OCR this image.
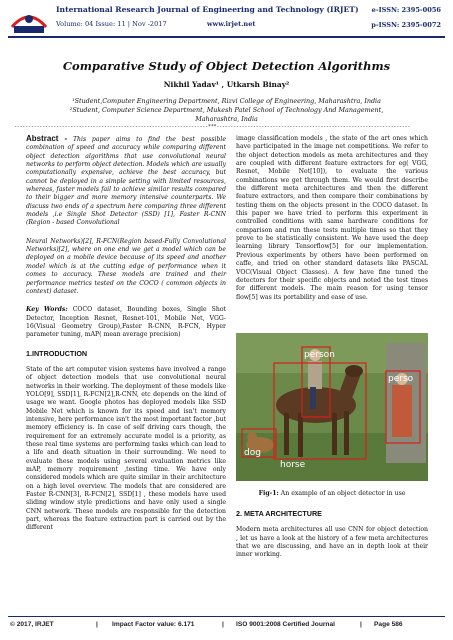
International Research Journal of Engineering and Technology (IRJET)
Volume: 04 Issue: 11 | Nov -2017	www.irjet.net
e-ISSN: 2395-0056
p-ISSN: 2395-0072
Comparative Study of Object Detection Algorithms
Nikhil Yadav¹ , Utkarsh Binay²
¹Student,Computer Engineering Department, Rizvi College of Engineering, Maharashtra, India
²Student, Computer Science Department, Mukesh Patel School of Technology And Management,
Maharashtra, India
---------------------------------------------------------------------***---------------------------------------------------------------------

Abstract - This paper aims to find the best possible combination of speed and accuracy while comparing different object detection algorithms that use convolutional neural networks to perform object detection. Models which are usually computationally expensive, achieve the best accuracy, but cannot be deployed in a simple setting with limited resources, whereas, faster models fail to achieve similar results compared to their bigger and more memory intensive counterparts. We discuss two ends of a spectrum here comparing three different models ,i.e Single Shot Detector (SSD) [1], Faster R-CNN (Region - based Convolutional

Neural Networks)[2], R-FCN(Region based-Fully Convolutional Networks)[2], where on one end we get a model which can be deployed on a mobile device because of its speed and another model which is at the cutting edge of performance when it comes to accuracy. These models are trained and their performance metrics tested on the COCO ( common objects in context) dataset.

Key Words: COCO dataset, Bounding boxes, Single Shot Detector, Inception Resnet, Resnet-101, Mobile Net, VGG-16(Visual Geometry Group),Faster R-CNN, R-FCN, Hyper parameter tuning, mAP( mean average precision)

1.INTRODUCTION

State of the art computer vision systems have involved a range of object detection models that use convolutional neural networks in their working. The deployment of these models like YOLO[9], SSD[1], R-FCN[2],R-CNN, etc depends on the kind of usage we want. Google photos has deployed models like SSD Mobile Net which is known for its speed and isn't memory intensive, here performance isn't the most important factor ,but memory efficiency is. In case of self driving cars though, the requirement for an extremely accurate model is a priority, as these real time systems are performing tasks which can lead to a life and death situation in their surrounding. We need to evaluate these models using several evaluation metrics like mAP, memory requirement ,testing time. We have only considered models which are quite similar in their architecture on a high level overview. The models that are considered are Faster R-CNN[3], R-FCN[2], SSD[1] , these models have used sliding window style predictions and have only used a single CNN network. These models are responsible for the detection part, whereas the feature extraction part is carried out by the different

image classification models , the state of the art ones which have participated in the image net competitions. We refer to the object detection models as meta architectures and they are coupled with different feature extractors for eg( VGG, Resnet, Mobile Net[10]), to evaluate the various combinations we get through them. We would first describe the different meta architectures and then the different feature extractors, and then compare their combinations by testing them on the objects present in the COCO dataset. In this paper we have tried to perform this experiment in controlled conditions with same hardware conditions for comparison and run these tests multiple times so that they prove to be statistically consistent. We have used the deep learning library Tensorflow[5] for our implementation. Previous experiments by others have been performed on caffe, and tried on other standard datasets like PASCAL VOC(Visual Object Classes). A few have fine tuned the detectors for their specific objects and noted the test times for different models. The main reason for using tensor flow[5] was its portability and ease of use.

person
horse
dog
perso
Fig-1: An example of an object detector in use
2. META ARCHITECTURE

Modern meta architectures all use CNN for object detection , let us have a look at the history of a few meta architectures that we are discussing, and have an in depth look at their inner working.

© 2017, IRJET	| Impact Factor value: 6.171	| ISO 9001:2008 Certified Journal	| Page 586
